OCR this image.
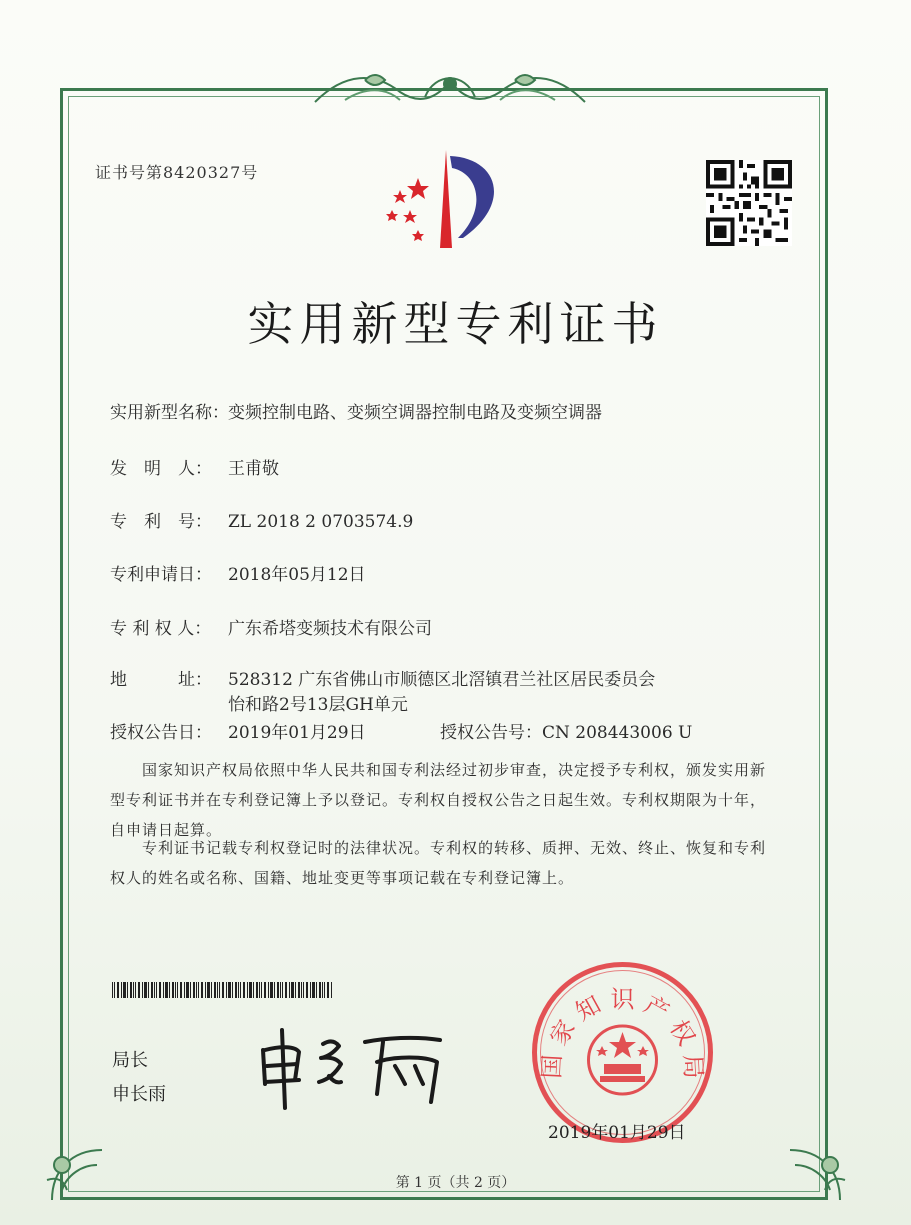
证书号第8420327号
实用新型专利证书
实用新型名称：变频控制电路、变频空调器控制电路及变频空调器
发　明　人： 王甫敬
专　利　号： ZL 2018 2 0703574.9
专利申请日： 2018年05月12日
专 利 权 人： 广东希塔变频技术有限公司
地　　　址： 528312 广东省佛山市顺德区北滘镇君兰社区居民委员会
怡和路2号13层GH单元
授权公告日： 2019年01月29日	授权公告号：CN 208443006 U
国家知识产权局依照中华人民共和国专利法经过初步审查，决定授予专利权，颁发实用新型专利证书并在专利登记簿上予以登记。专利权自授权公告之日起生效。专利权期限为十年，自申请日起算。
专利证书记载专利权登记时的法律状况。专利权的转移、质押、无效、终止、恢复和专利权人的姓名或名称、国籍、地址变更等事项记载在专利登记簿上。
局长
申长雨
国 家 知 识 产 权 局
2019年01月29日
第 1 页（共 2 页）
